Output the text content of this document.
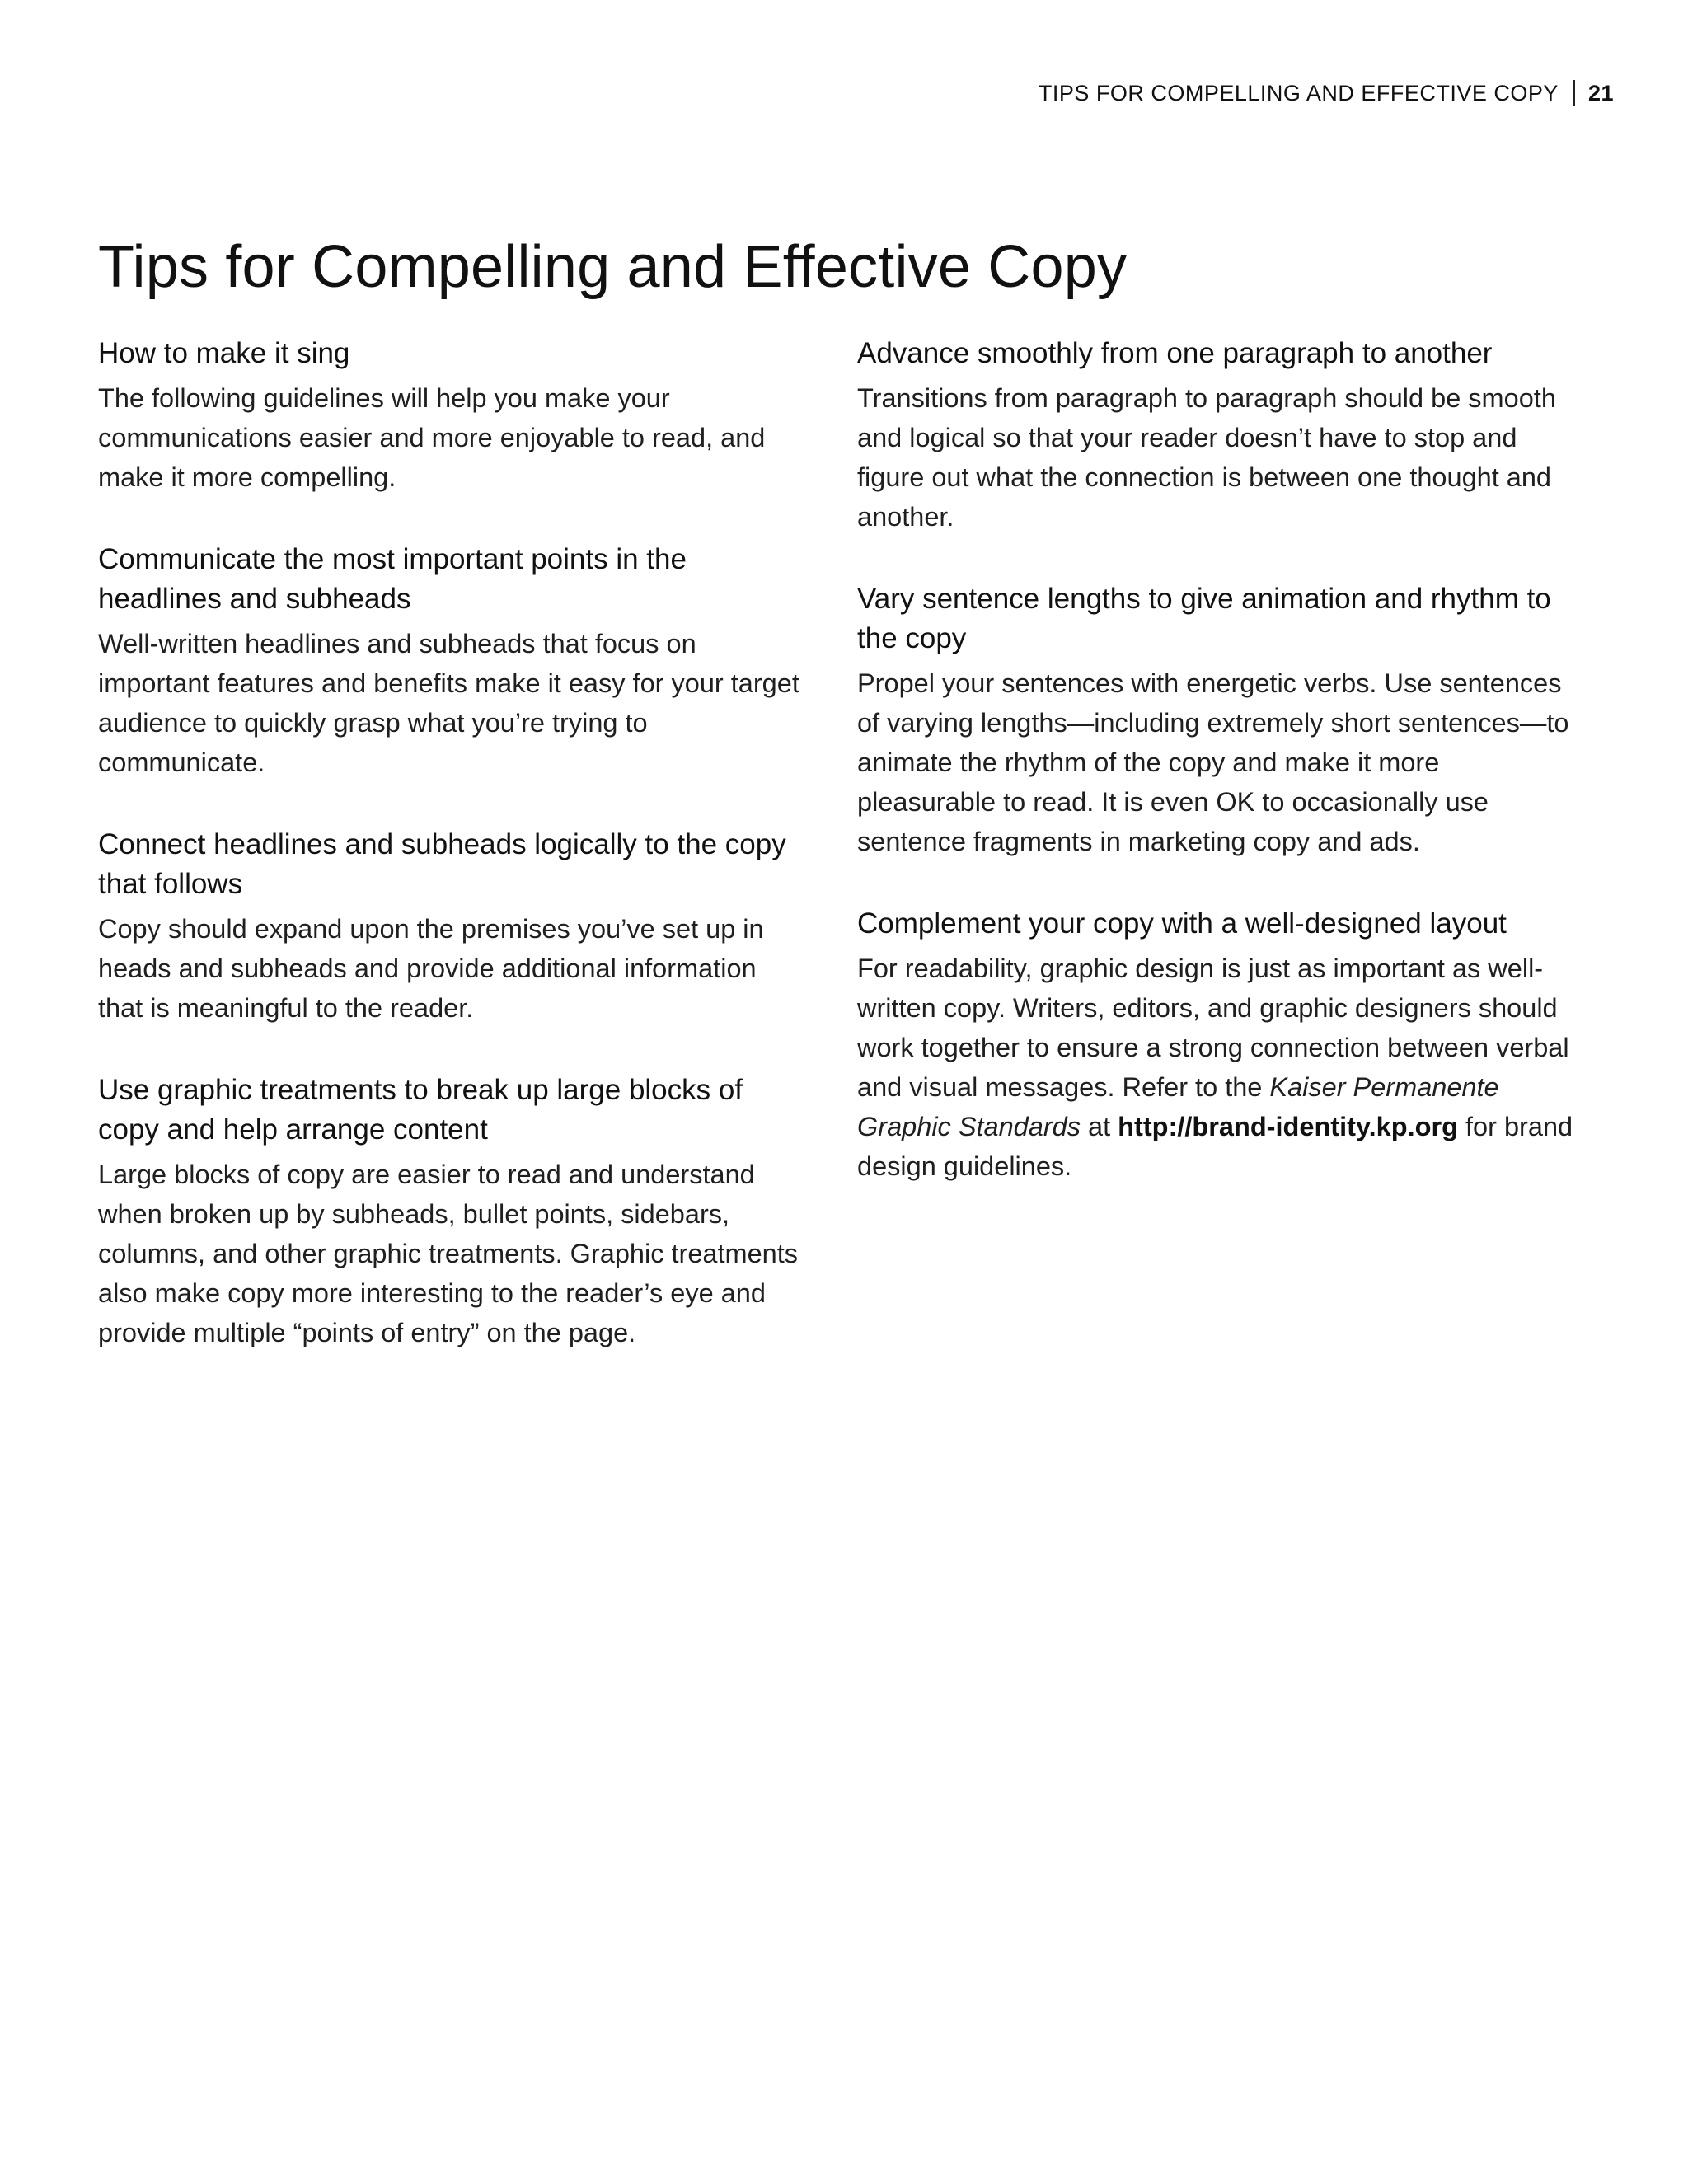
TIPS FOR COMPELLING AND EFFECTIVE COPY 21
Tips for Compelling and Effective Copy
How to make it sing

The following guidelines will help you make your communications easier and more enjoyable to read, and make it more compelling.

Communicate the most important points in the headlines and subheads

Well-written headlines and subheads that focus on important features and benefits make it easy for your target audience to quickly grasp what you’re trying to communicate.

Connect headlines and subheads logically to the copy that follows

Copy should expand upon the premises you’ve set up in heads and subheads and provide additional information that is meaningful to the reader.

Use graphic treatments to break up large blocks of copy and help arrange content

Large blocks of copy are easier to read and understand when broken up by subheads, bullet points, sidebars, columns, and other graphic treatments. Graphic treatments also make copy more interesting to the reader’s eye and provide multiple “points of entry” on the page.

Advance smoothly from one paragraph to another

Transitions from paragraph to paragraph should be smooth and logical so that your reader doesn’t have to stop and figure out what the connection is between one thought and another.

Vary sentence lengths to give animation and rhythm to the copy

Propel your sentences with energetic verbs. Use sentences of varying lengths—including extremely short sentences—to animate the rhythm of the copy and make it more pleasurable to read. It is even OK to occasionally use sentence fragments in marketing copy and ads.

Complement your copy with a well-designed layout

For readability, graphic design is just as important as well-written copy. Writers, editors, and graphic designers should work together to ensure a strong connection between verbal and visual messages. Refer to the Kaiser Permanente Graphic Standards at http://brand-identity.kp.org for brand design guidelines.
